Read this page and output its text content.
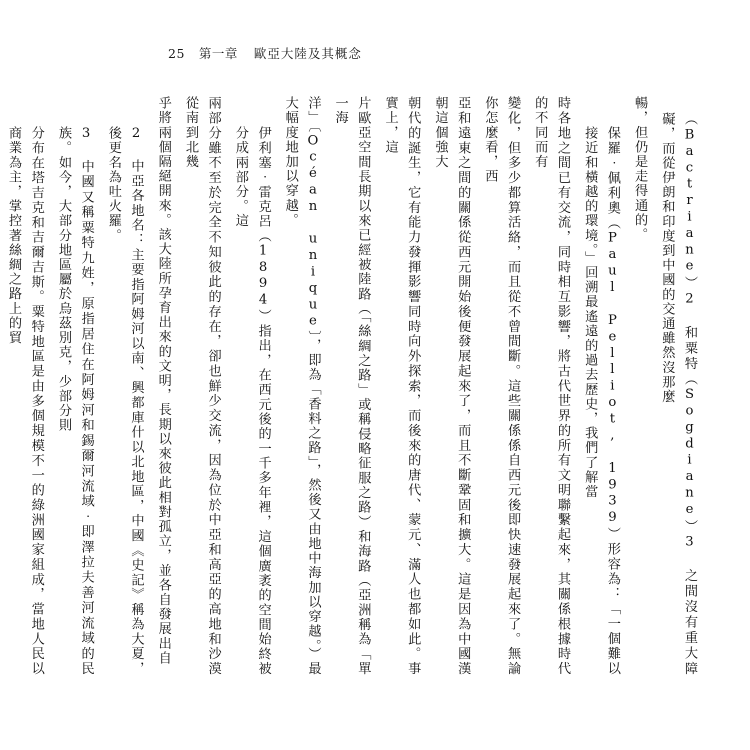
25 第一章 歐亞大陸及其概念
（Bactriane）2 和粟特（Sogdiane）3 之間沒有重大障礙，而從伊朗和印度到中國的交通雖然沒那麼
暢，但仍是走得通的。
保羅‧佩利奧（Paul Pelliot, 1939）形容為：「一個難以接近和橫越的環境。」回溯最遙遠的過去歷史，我們了解當
時各地之間已有交流，同時相互影響，將古代世界的所有文明聯繫起來，其關係根據時代的不同而有
變化，但多少都算活絡，而且從不曾間斷。這些關係係自西元後即快速發展起來了。無論你怎麼看，西
亞和遠東之間的關係從西元開始後便發展起來了，而且不斷鞏固和擴大。這是因為中國漢朝這個強大
朝代的誕生，它有能力發揮影響同時向外探索，而後來的唐代、蒙元、滿人也都如此。事實上，這
片歐亞空間長期以來已經被陸路（「絲綢之路」或稱侵略征服之路）和海路（亞洲稱為「單一海
洋」〔Océan unique〕，即為「香料之路」，然後又由地中海加以穿越。）最大幅度地加以穿越。
伊利塞‧雷克呂（1894）指出，在西元後的一千多年裡，這個廣袤的空間始終被分成兩部分。這
兩部分雖不至於完全不知彼此的存在，卻也鮮少交流，因為位於中亞和高亞的高地和沙漠從南到北幾
乎將兩個隔絕開來。該大陸所孕育出來的文明，長期以來彼此相對孤立，並各自發展出自
2 中亞各地名：主要指阿姆河以南、興都庫什以北地區，中國《史記》稱為大夏，後更名為吐火羅。
3 中國又稱粟特九姓，原指居住在阿姆河和錫爾河流域‧即澤拉夫善河流域的民族。如今，大部分地區屬於烏茲別克，少部分則
分布在塔吉克和吉爾吉斯。粟特地區是由多個規模不一的綠洲國家組成，當地人民以商業為主，掌控著絲綢之路上的貿
